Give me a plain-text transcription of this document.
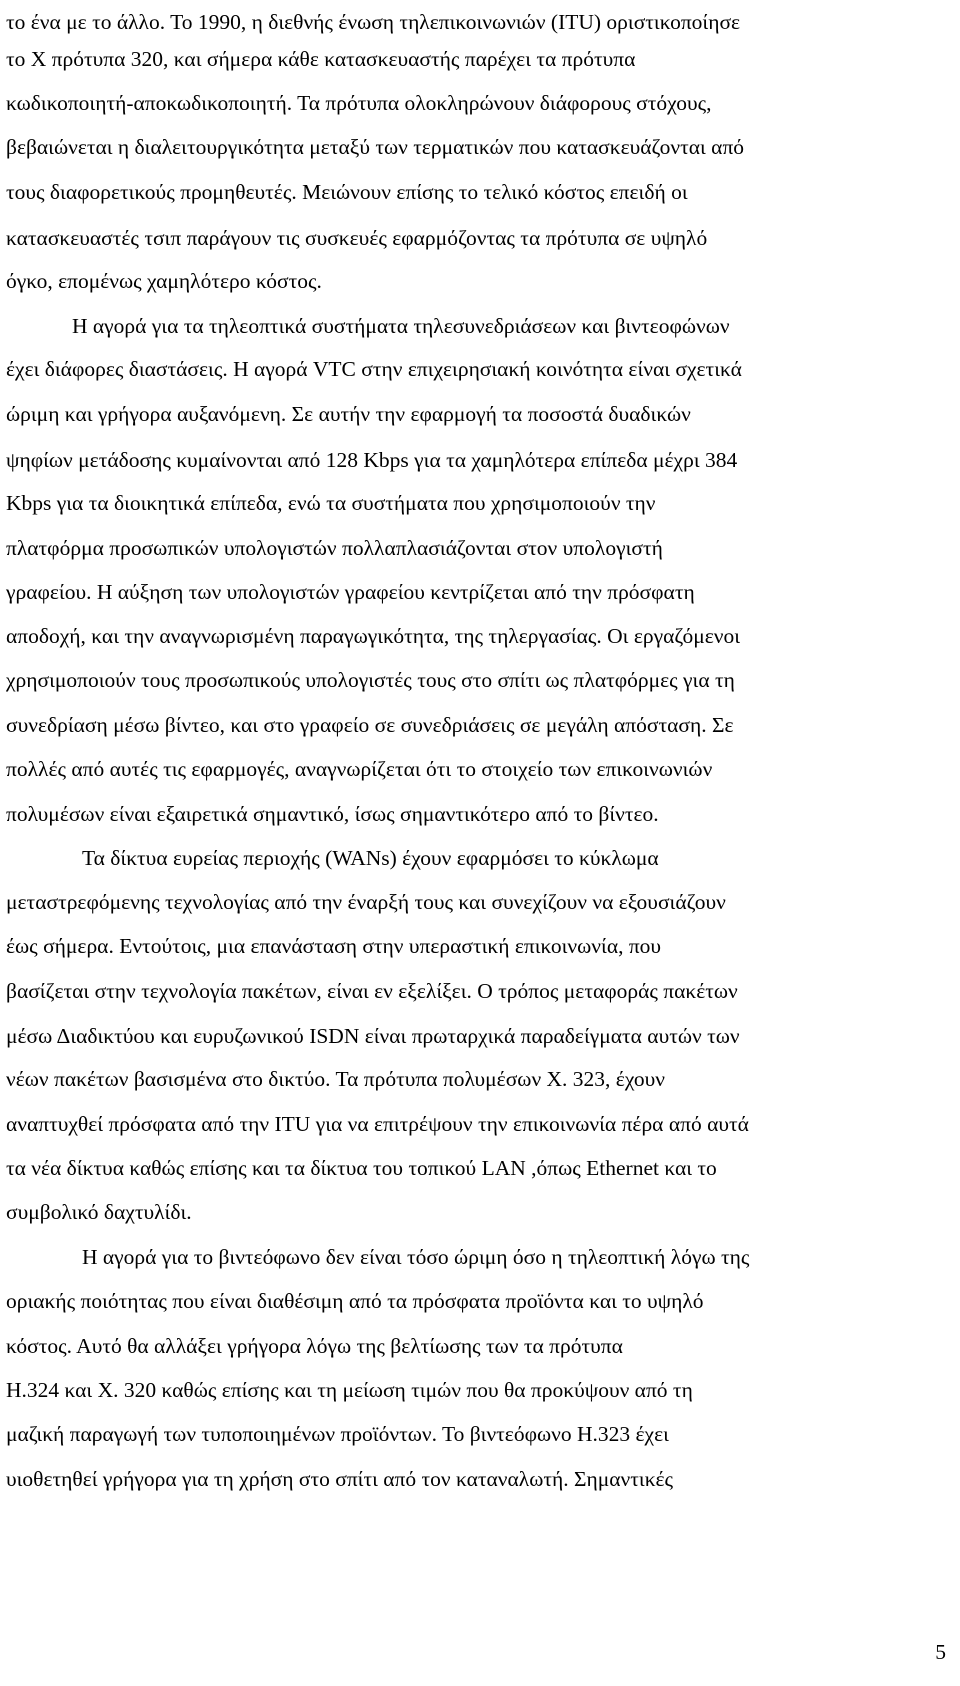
το ένα με το άλλο. Το 1990, η διεθνής ένωση τηλεπικοινωνιών (ITU) οριστικοποίησε
το Χ πρότυπα 320, και σήμερα κάθε κατασκευαστής παρέχει τα πρότυπα
κωδικοποιητή-αποκωδικοποιητή. Τα πρότυπα ολοκληρώνουν διάφορους στόχους,
βεβαιώνεται η διαλειτουργικότητα μεταξύ των τερματικών που κατασκευάζονται από
τους διαφορετικούς προμηθευτές. Μειώνουν επίσης το τελικό κόστος επειδή οι
κατασκευαστές τσιπ παράγουν τις συσκευές εφαρμόζοντας τα πρότυπα σε υψηλό
όγκο, επομένως χαμηλότερο κόστος.
Η αγορά για τα τηλεοπτικά συστήματα τηλεσυνεδριάσεων και βιντεοφώνων
έχει διάφορες διαστάσεις. Η αγορά VTC στην επιχειρησιακή κοινότητα είναι σχετικά
ώριμη και γρήγορα αυξανόμενη. Σε αυτήν την εφαρμογή τα ποσοστά δυαδικών
ψηφίων μετάδοσης κυμαίνονται από 128 Kbps για τα χαμηλότερα επίπεδα μέχρι 384
Kbps για τα διοικητικά επίπεδα, ενώ τα συστήματα που χρησιμοποιούν την
πλατφόρμα προσωπικών υπολογιστών πολλαπλασιάζονται στον υπολογιστή
γραφείου. Η αύξηση των υπολογιστών γραφείου κεντρίζεται από την πρόσφατη
αποδοχή, και την αναγνωρισμένη παραγωγικότητα, της τηλεργασίας. Οι εργαζόμενοι
χρησιμοποιούν τους προσωπικούς υπολογιστές τους στο σπίτι ως πλατφόρμες για τη
συνεδρίαση μέσω βίντεο, και στο γραφείο σε συνεδριάσεις σε μεγάλη απόσταση. Σε
πολλές από αυτές τις εφαρμογές, αναγνωρίζεται ότι το στοιχείο των επικοινωνιών
πολυμέσων είναι εξαιρετικά σημαντικό, ίσως σημαντικότερο από το βίντεο.
Τα δίκτυα ευρείας περιοχής (WANs) έχουν εφαρμόσει το κύκλωμα
μεταστρεφόμενης τεχνολογίας από την έναρξή τους και συνεχίζουν να εξουσιάζουν
έως σήμερα. Εντούτοις, μια επανάσταση στην υπεραστική επικοινωνία, που
βασίζεται στην τεχνολογία πακέτων, είναι εν εξελίξει. Ο τρόπος μεταφοράς πακέτων
μέσω Διαδικτύου και ευρυζωνικού ISDN είναι πρωταρχικά παραδείγματα αυτών των
νέων πακέτων βασισμένα στο δικτύο. Τα πρότυπα πολυμέσων Χ. 323, έχουν
αναπτυχθεί πρόσφατα από την ITU για να επιτρέψουν την επικοινωνία πέρα από αυτά
τα νέα δίκτυα καθώς επίσης και τα δίκτυα του τοπικού LAN ,όπως Ethernet και το
συμβολικό δαχτυλίδι.
Η αγορά για το βιντεόφωνο δεν είναι τόσο ώριμη όσο η τηλεοπτική λόγω της
οριακής ποιότητας που είναι διαθέσιμη από τα πρόσφατα προϊόντα και το υψηλό
κόστος. Αυτό θα αλλάξει γρήγορα λόγω της βελτίωσης των τα πρότυπα
Η.324 και Χ. 320 καθώς επίσης και τη μείωση τιμών που θα προκύψουν από τη
μαζική παραγωγή των τυποποιημένων προϊόντων. Το βιντεόφωνο Η.323 έχει
υιοθετηθεί γρήγορα για τη χρήση στο σπίτι από τον καταναλωτή. Σημαντικές
5
